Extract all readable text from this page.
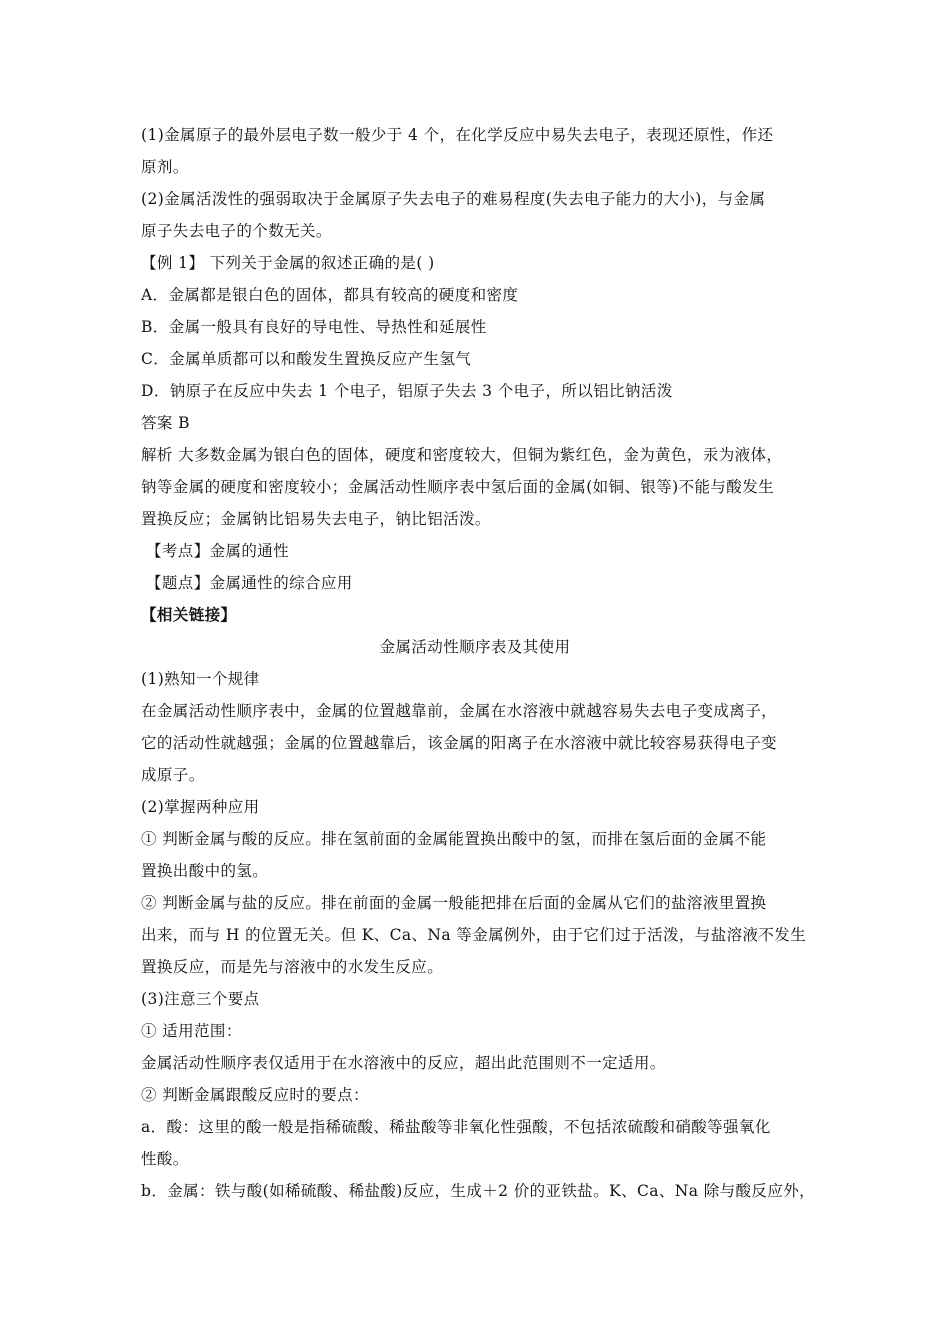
(1)金属原子的最外层电子数一般少于 4 个，在化学反应中易失去电子，表现还原性，作还
原剂。
(2)金属活泼性的强弱取决于金属原子失去电子的难易程度(失去电子能力的大小)，与金属
原子失去电子的个数无关。
【例 1】 下列关于金属的叙述正确的是( )
A．金属都是银白色的固体，都具有较高的硬度和密度
B．金属一般具有良好的导电性、导热性和延展性
C．金属单质都可以和酸发生置换反应产生氢气
D．钠原子在反应中失去 1 个电子，铝原子失去 3 个电子，所以铝比钠活泼
答案 B
解析 大多数金属为银白色的固体，硬度和密度较大，但铜为紫红色，金为黄色，汞为液体，
钠等金属的硬度和密度较小；金属活动性顺序表中氢后面的金属(如铜、银等)不能与酸发生
置换反应；金属钠比铝易失去电子，钠比铝活泼。
【考点】金属的通性
【题点】金属通性的综合应用
【相关链接】
金属活动性顺序表及其使用
(1)熟知一个规律
在金属活动性顺序表中，金属的位置越靠前，金属在水溶液中就越容易失去电子变成离子，
它的活动性就越强；金属的位置越靠后，该金属的阳离子在水溶液中就比较容易获得电子变
成原子。
(2)掌握两种应用
① 判断金属与酸的反应。排在氢前面的金属能置换出酸中的氢，而排在氢后面的金属不能
置换出酸中的氢。
② 判断金属与盐的反应。排在前面的金属一般能把排在后面的金属从它们的盐溶液里置换
出来，而与 H 的位置无关。但 K、Ca、Na 等金属例外，由于它们过于活泼，与盐溶液不发生
置换反应，而是先与溶液中的水发生反应。
(3)注意三个要点
① 适用范围：
金属活动性顺序表仅适用于在水溶液中的反应，超出此范围则不一定适用。
② 判断金属跟酸反应时的要点：
a．酸：这里的酸一般是指稀硫酸、稀盐酸等非氧化性强酸，不包括浓硫酸和硝酸等强氧化
性酸。
b．金属：铁与酸(如稀硫酸、稀盐酸)反应，生成＋2 价的亚铁盐。K、Ca、Na 除与酸反应外，
